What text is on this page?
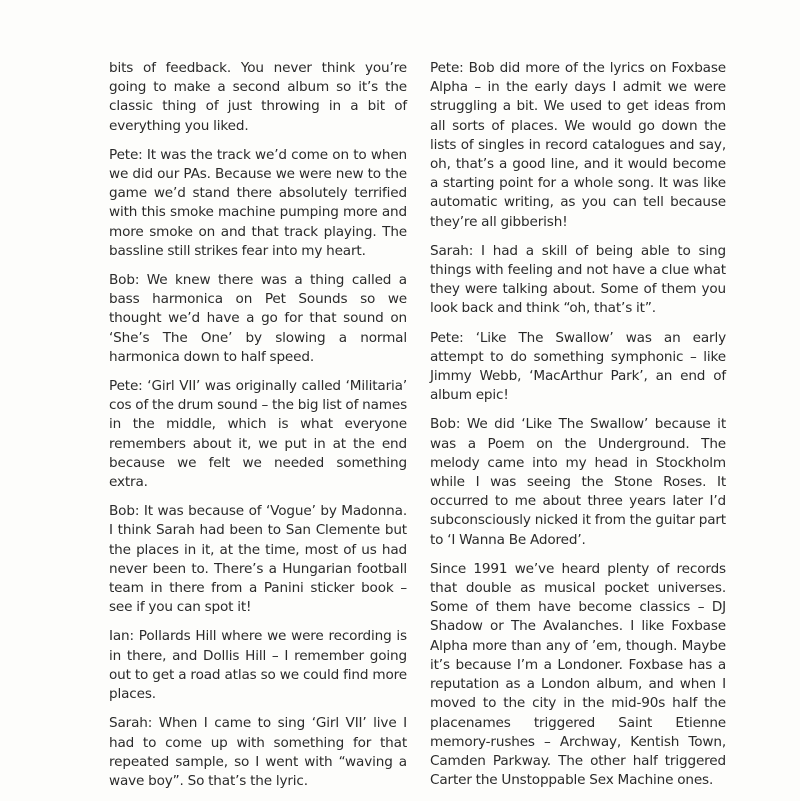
bits of feedback. You never think you’re going to make a second album so it’s the classic thing of just throwing in a bit of everything you liked.

Pete: It was the track we’d come on to when we did our PAs. Because we were new to the game we’d stand there absolutely terrified with this smoke machine pumping more and more smoke on and that track playing. The bassline still strikes fear into my heart.

Bob: We knew there was a thing called a bass harmonica on Pet Sounds so we thought we’d have a go for that sound on ‘She’s The One’ by slowing a normal harmonica down to half speed.

Pete: ‘Girl VII’ was originally called ‘Militaria’ cos of the drum sound – the big list of names in the middle, which is what everyone remembers about it, we put in at the end because we felt we needed something extra.

Bob: It was because of ‘Vogue’ by Madonna. I think Sarah had been to San Clemente but the places in it, at the time, most of us had never been to. There’s a Hungarian football team in there from a Panini sticker book – see if you can spot it!

Ian: Pollards Hill where we were recording is in there, and Dollis Hill – I remember going out to get a road atlas so we could find more places.

Sarah: When I came to sing ‘Girl VII’ live I had to come up with something for that repeated sample, so I went with “waving a wave boy”. So that’s the lyric.

Pete: Bob did more of the lyrics on Foxbase Alpha – in the early days I admit we were struggling a bit. We used to get ideas from all sorts of places. We would go down the lists of singles in record catalogues and say, oh, that’s a good line, and it would become a starting point for a whole song. It was like automatic writing, as you can tell because they’re all gibberish!

Sarah: I had a skill of being able to sing things with feeling and not have a clue what they were talking about. Some of them you look back and think “oh, that’s it”.

Pete: ‘Like The Swallow’ was an early attempt to do something symphonic – like Jimmy Webb, ‘MacArthur Park’, an end of album epic!

Bob: We did ‘Like The Swallow’ because it was a Poem on the Underground. The melody came into my head in Stockholm while I was seeing the Stone Roses. It occurred to me about three years later I’d subconsciously nicked it from the guitar part to ‘I Wanna Be Adored’.

Since 1991 we’ve heard plenty of records that double as musical pocket universes. Some of them have become classics – DJ Shadow or The Avalanches. I like Foxbase Alpha more than any of ’em, though. Maybe it’s because I’m a Londoner. Foxbase has a reputation as a London album, and when I moved to the city in the mid-90s half the placenames triggered Saint Etienne memory-rushes – Archway, Kentish Town, Camden Parkway. The other half triggered Carter the Unstoppable Sex Machine ones.
